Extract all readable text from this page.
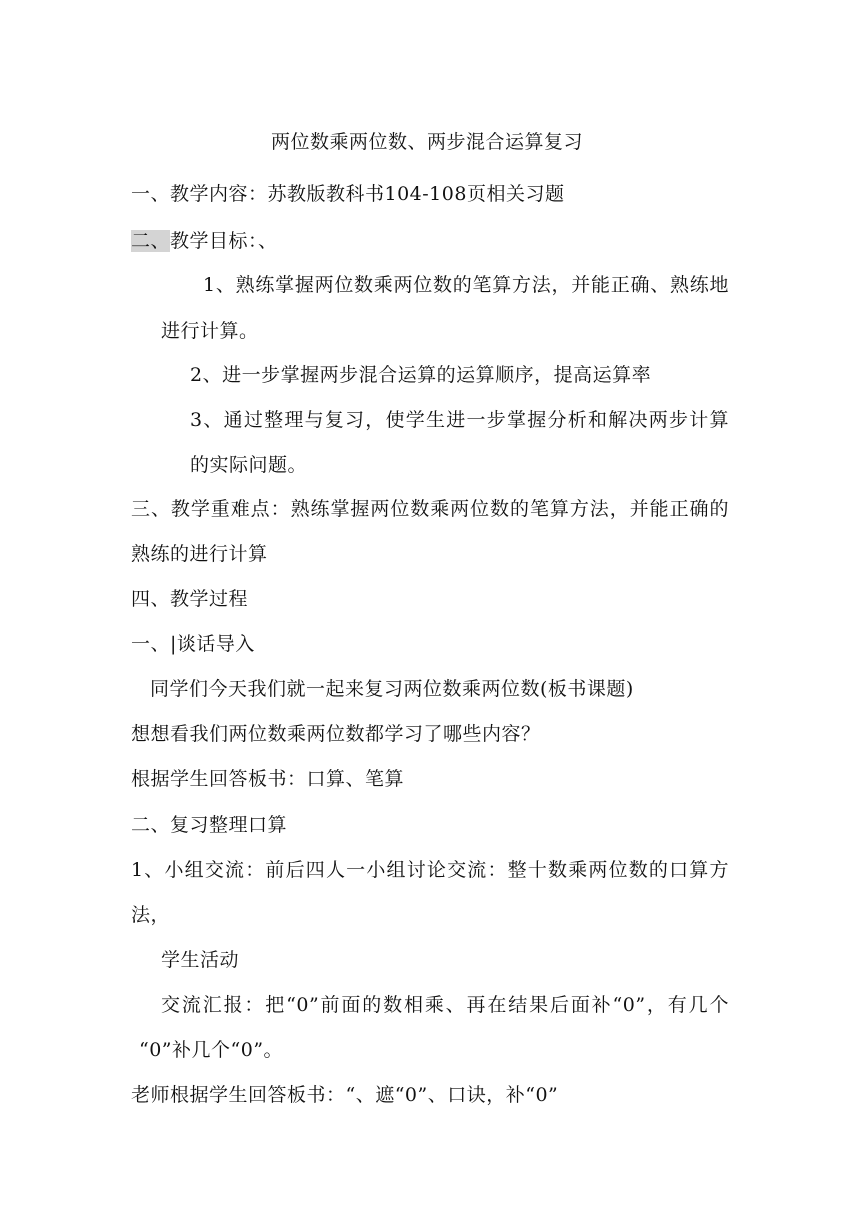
两位数乘两位数、两步混合运算复习
一、教学内容：苏教版教科书104-108页相关习题
二、教学目标：、
1、熟练掌握两位数乘两位数的笔算方法，并能正确、熟练地
进行计算。
2、进一步掌握两步混合运算的运算顺序，提高运算率
3、通过整理与复习，使学生进一步掌握分析和解决两步计算
的实际问题。
三、教学重难点：熟练掌握两位数乘两位数的笔算方法，并能正确的
熟练的进行计算
四、教学过程
一、|谈话导入
同学们今天我们就一起来复习两位数乘两位数(板书课题)
想想看我们两位数乘两位数都学习了哪些内容？
根据学生回答板书：口算、笔算
二、复习整理口算
1、小组交流：前后四人一小组讨论交流：整十数乘两位数的口算方
法，
学生活动
交流汇报：把“0”前面的数相乘、再在结果后面补“0”，有几个
“0”补几个“0”。
老师根据学生回答板书：“、遮“0”、口诀，补“0”
